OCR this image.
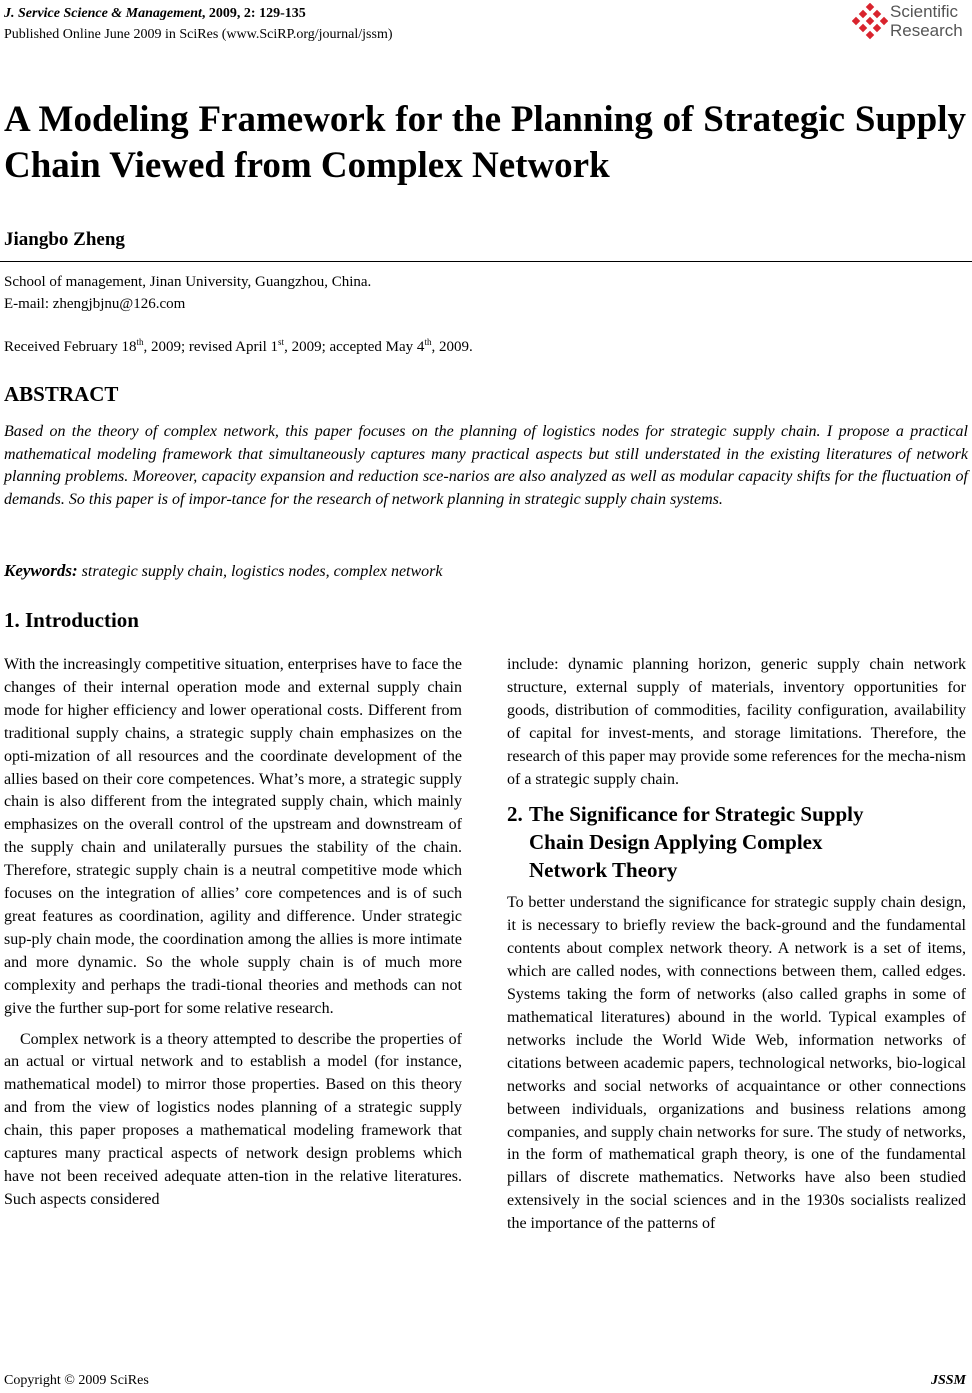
J. Service Science & Management, 2009, 2: 129-135
Published Online June 2009 in SciRes (www.SciRP.org/journal/jssm)
Scientific
Research
A Modeling Framework for the Planning of Strategic Supply Chain Viewed from Complex Network
Jiangbo Zheng
School of management, Jinan University, Guangzhou, China.
E-mail: zhengjbjnu@126.com
Received February 18th, 2009; revised April 1st, 2009; accepted May 4th, 2009.
ABSTRACT

Based on the theory of complex network, this paper focuses on the planning of logistics nodes for strategic supply chain. I propose a practical mathematical modeling framework that simultaneously captures many practical aspects but still understated in the existing literatures of network planning problems. Moreover, capacity expansion and reduction sce-narios are also analyzed as well as modular capacity shifts for the fluctuation of demands. So this paper is of impor-tance for the research of network planning in strategic supply chain systems.

Keywords: strategic supply chain, logistics nodes, complex network
1. Introduction

With the increasingly competitive situation, enterprises have to face the changes of their internal operation mode and external supply chain mode for higher efficiency and lower operational costs. Different from traditional supply chains, a strategic supply chain emphasizes on the opti-mization of all resources and the coordinate development of the allies based on their core competences. What’s more, a strategic supply chain is also different from the integrated supply chain, which mainly emphasizes on the overall control of the upstream and downstream of the supply chain and unilaterally pursues the stability of the chain. Therefore, strategic supply chain is a neutral competitive mode which focuses on the integration of allies’ core competences and is of such great features as coordination, agility and difference. Under strategic sup-ply chain mode, the coordination among the allies is more intimate and more dynamic. So the whole supply chain is of much more complexity and perhaps the tradi-tional theories and methods can not give the further sup-port for some relative research.

Complex network is a theory attempted to describe the properties of an actual or virtual network and to establish a model (for instance, mathematical model) to mirror those properties. Based on this theory and from the view of logistics nodes planning of a strategic supply chain, this paper proposes a mathematical modeling framework that captures many practical aspects of network design problems which have not been received adequate atten-tion in the relative literatures. Such aspects considered

include: dynamic planning horizon, generic supply chain network structure, external supply of materials, inventory opportunities for goods, distribution of commodities, facility configuration, availability of capital for invest-ments, and storage limitations. Therefore, the research of this paper may provide some references for the mecha-nism of a strategic supply chain.

2. The Significance for Strategic Supply
Chain Design Applying Complex
Network Theory

To better understand the significance for strategic supply chain design, it is necessary to briefly review the back-ground and the fundamental contents about complex network theory. A network is a set of items, which are called nodes, with connections between them, called edges. Systems taking the form of networks (also called graphs in some of mathematical literatures) abound in the world. Typical examples of networks include the World Wide Web, information networks of citations between academic papers, technological networks, bio-logical networks and social networks of acquaintance or other connections between individuals, organizations and business relations among companies, and supply chain networks for sure. The study of networks, in the form of mathematical graph theory, is one of the fundamental pillars of discrete mathematics. Networks have also been studied extensively in the social sciences and in the 1930s socialists realized the importance of the patterns of

Copyright © 2009 SciRes	JSSM
